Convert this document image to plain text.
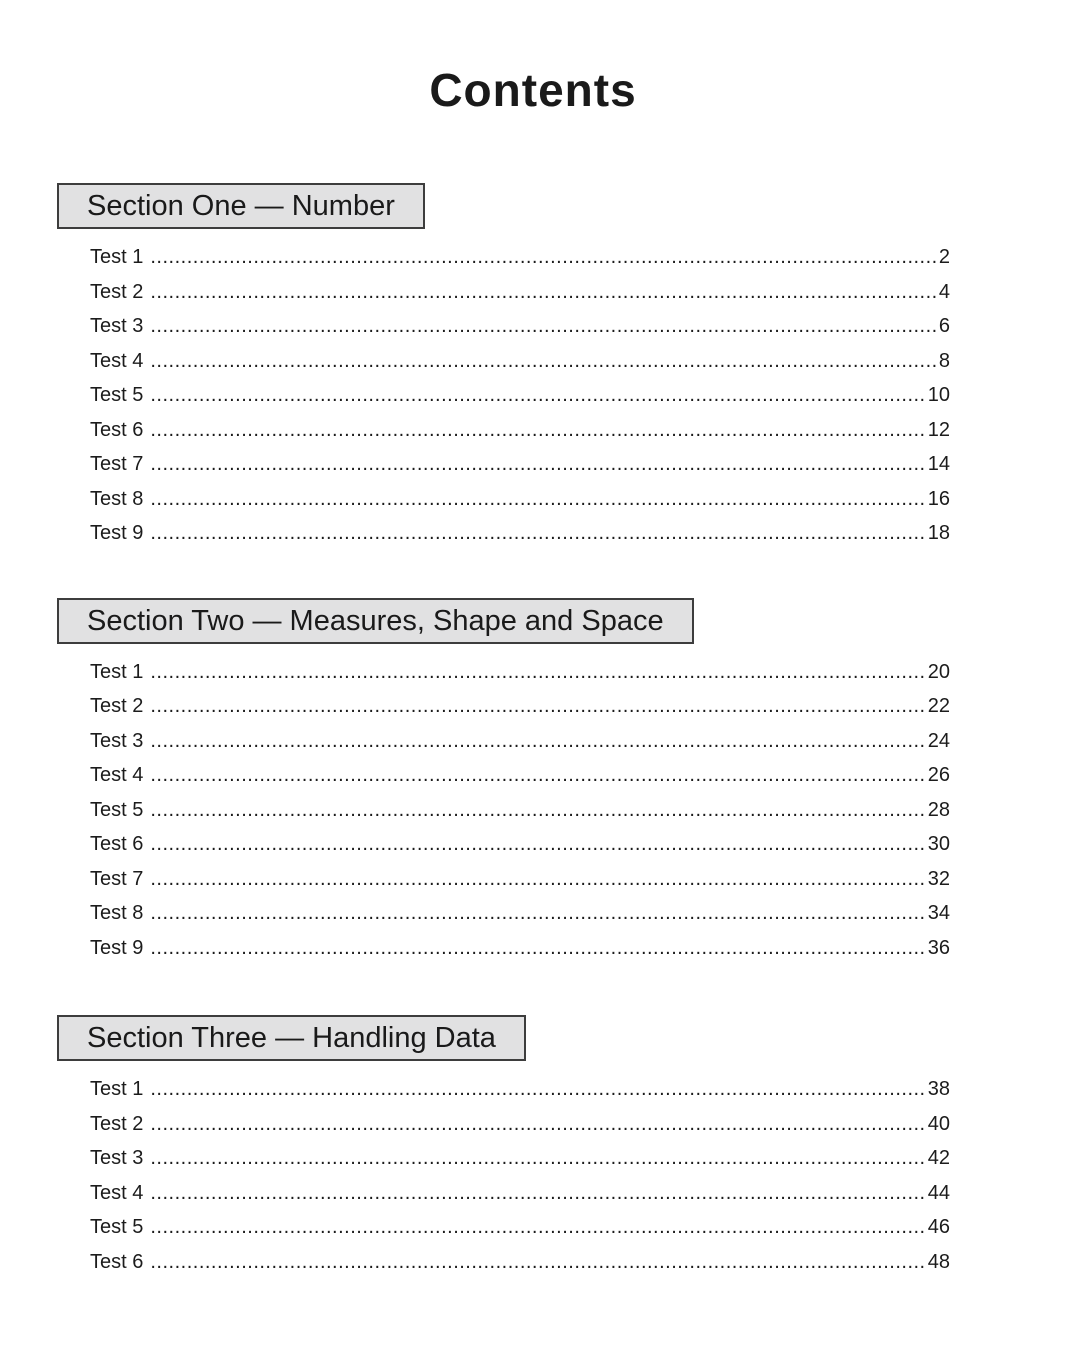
Contents
Section One — Number
Test 1 .....	2
Test 2 .....	4
Test 3 .....	6
Test 4 .....	8
Test 5 .....	10
Test 6 .....	12
Test 7 .....	14
Test 8 .....	16
Test 9 .....	18
Section Two — Measures, Shape and Space
Test 1 .....	20
Test 2 .....	22
Test 3 .....	24
Test 4 .....	26
Test 5 .....	28
Test 6 .....	30
Test 7 .....	32
Test 8 .....	34
Test 9 .....	36
Section Three — Handling Data
Test 1 .....	38
Test 2 .....	40
Test 3 .....	42
Test 4 .....	44
Test 5 .....	46
Test 6 .....	48
